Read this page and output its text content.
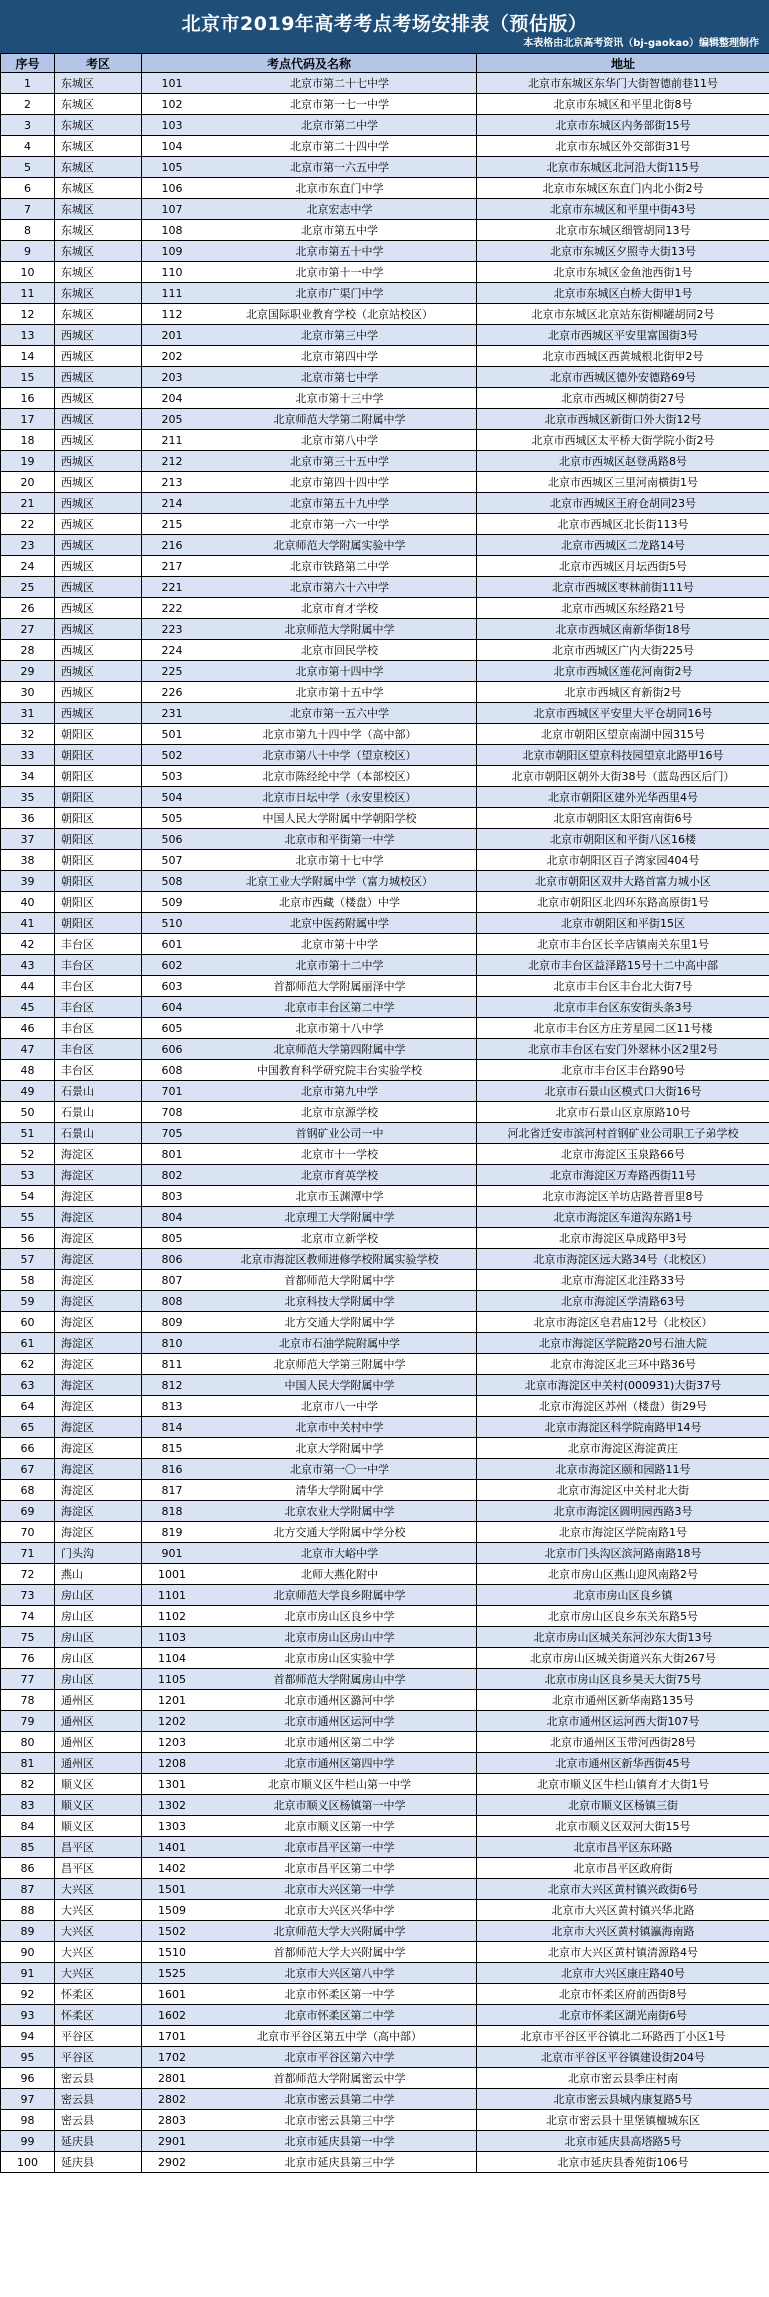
北京市2019年高考考点考场安排表（预估版）
本表格由北京高考资讯（bj-gaokao）编辑整理制作
序号	考区	考点代码及名称	地址
1	东城区	101 北京市第二十七中学	北京市东城区东华门大街智德前巷11号
2	东城区	102 北京市第一七一中学	北京市东城区和平里北街8号
3	东城区	103 北京市第二中学	北京市东城区内务部街15号
4	东城区	104 北京市第二十四中学	北京市东城区外交部街31号
5	东城区	105 北京市第一六五中学	北京市东城区北河沿大街115号
6	东城区	106 北京市东直门中学	北京市东城区东直门内北小街2号
7	东城区	107 北京宏志中学	北京市东城区和平里中街43号
8	东城区	108 北京市第五中学	北京市东城区细管胡同13号
9	东城区	109 北京市第五十中学	北京市东城区夕照寺大街13号
10	东城区	110 北京市第十一中学	北京市东城区金鱼池西街1号
11	东城区	111 北京市广渠门中学	北京市东城区白桥大街甲1号
12	东城区	112 北京国际职业教育学校（北京站校区）	北京市东城区北京站东街柳罐胡同2号
13	西城区	201 北京市第三中学	北京市西城区平安里富国街3号
14	西城区	202 北京市第四中学	北京市西城区西黄城根北街甲2号
15	西城区	203 北京市第七中学	北京市西城区德外安德路69号
16	西城区	204 北京市第十三中学	北京市西城区柳荫街27号
17	西城区	205 北京师范大学第二附属中学	北京市西城区新街口外大街12号
18	西城区	211 北京市第八中学	北京市西城区太平桥大街学院小街2号
19	西城区	212 北京市第三十五中学	北京市西城区赵登禹路8号
20	西城区	213 北京市第四十四中学	北京市西城区三里河南横街1号
21	西城区	214 北京市第五十九中学	北京市西城区王府仓胡同23号
22	西城区	215 北京市第一六一中学	北京市西城区北长街113号
23	西城区	216 北京师范大学附属实验中学	北京市西城区二龙路14号
24	西城区	217 北京市铁路第二中学	北京市西城区月坛西街5号
25	西城区	221 北京市第六十六中学	北京市西城区枣林前街111号
26	西城区	222 北京市育才学校	北京市西城区东经路21号
27	西城区	223 北京师范大学附属中学	北京市西城区南新华街18号
28	西城区	224 北京市回民学校	北京市西城区广内大街225号
29	西城区	225 北京市第十四中学	北京市西城区莲花河南街2号
30	西城区	226 北京市第十五中学	北京市西城区育新街2号
31	西城区	231 北京市第一五六中学	北京市西城区平安里大平仓胡同16号
32	朝阳区	501 北京市第九十四中学（高中部）	北京市朝阳区望京南湖中园315号
33	朝阳区	502 北京市第八十中学（望京校区）	北京市朝阳区望京科技园望京北路甲16号
34	朝阳区	503 北京市陈经纶中学（本部校区）	北京市朝阳区朝外大街38号（蓝岛西区后门）
35	朝阳区	504 北京市日坛中学（永安里校区）	北京市朝阳区建外光华西里4号
36	朝阳区	505 中国人民大学附属中学朝阳学校	北京市朝阳区太阳宫南街6号
37	朝阳区	506 北京市和平街第一中学	北京市朝阳区和平街八区16楼
38	朝阳区	507 北京市第十七中学	北京市朝阳区百子湾家园404号
39	朝阳区	508 北京工业大学附属中学（富力城校区）	北京市朝阳区双井大路首富力城小区
40	朝阳区	509 北京市西藏（楼盘）中学	北京市朝阳区北四环东路高原街1号
41	朝阳区	510 北京中医药附属中学	北京市朝阳区和平街15区
42	丰台区	601 北京市第十中学	北京市丰台区长辛店镇南关东里1号
43	丰台区	602 北京市第十二中学	北京市丰台区益泽路15号十二中高中部
44	丰台区	603 首都师范大学附属丽泽中学	北京市丰台区丰台北大街7号
45	丰台区	604 北京市丰台区第二中学	北京市丰台区东安街头条3号
46	丰台区	605 北京市第十八中学	北京市丰台区方庄芳星园二区11号楼
47	丰台区	606 北京师范大学第四附属中学	北京市丰台区右安门外翠林小区2里2号
48	丰台区	608 中国教育科学研究院丰台实验学校	北京市丰台区丰台路90号
49	石景山	701 北京市第九中学	北京市石景山区模式口大街16号
50	石景山	708 北京市京源学校	北京市石景山区京原路10号
51	石景山	705 首钢矿业公司一中	河北省迁安市滨河村首钢矿业公司职工子弟学校
52	海淀区	801 北京市十一学校	北京市海淀区玉泉路66号
53	海淀区	802 北京市育英学校	北京市海淀区万寿路西街11号
54	海淀区	803 北京市玉渊潭中学	北京市海淀区羊坊店路普晋里8号
55	海淀区	804 北京理工大学附属中学	北京市海淀区车道沟东路1号
56	海淀区	805 北京市立新学校	北京市海淀区阜成路甲3号
57	海淀区	806 北京市海淀区教师进修学校附属实验学校	北京市海淀区远大路34号（北校区）
58	海淀区	807 首都师范大学附属中学	北京市海淀区北洼路33号
59	海淀区	808 北京科技大学附属中学	北京市海淀区学清路63号
60	海淀区	809 北方交通大学附属中学	北京市海淀区皂君庙12号（北校区）
61	海淀区	810 北京市石油学院附属中学	北京市海淀区学院路20号石油大院
62	海淀区	811 北京师范大学第三附属中学	北京市海淀区北三环中路36号
63	海淀区	812 中国人民大学附属中学	北京市海淀区中关村(000931)大街37号
64	海淀区	813 北京市八一中学	北京市海淀区苏州（楼盘）街29号
65	海淀区	814 北京市中关村中学	北京市海淀区科学院南路甲14号
66	海淀区	815 北京大学附属中学	北京市海淀区海淀黄庄
67	海淀区	816 北京市第一〇一中学	北京市海淀区颐和园路11号
68	海淀区	817 清华大学附属中学	北京市海淀区中关村北大街
69	海淀区	818 北京农业大学附属中学	北京市海淀区圆明园西路3号
70	海淀区	819 北方交通大学附属中学分校	北京市海淀区学院南路1号
71	门头沟	901 北京市大峪中学	北京市门头沟区滨河路南路18号
72	燕山	1001 北师大燕化附中	北京市房山区燕山迎风南路2号
73	房山区	1101 北京师范大学良乡附属中学	北京市房山区良乡镇
74	房山区	1102 北京市房山区良乡中学	北京市房山区良乡东关东路5号
75	房山区	1103 北京市房山区房山中学	北京市房山区城关东河沙东大街13号
76	房山区	1104 北京市房山区实验中学	北京市房山区城关街道兴东大街267号
77	房山区	1105 首都师范大学附属房山中学	北京市房山区良乡昊天大街75号
78	通州区	1201 北京市通州区潞河中学	北京市通州区新华南路135号
79	通州区	1202 北京市通州区运河中学	北京市通州区运河西大街107号
80	通州区	1203 北京市通州区第二中学	北京市通州区玉带河西街28号
81	通州区	1208 北京市通州区第四中学	北京市通州区新华西街45号
82	顺义区	1301 北京市顺义区牛栏山第一中学	北京市顺义区牛栏山镇育才大街1号
83	顺义区	1302 北京市顺义区杨镇第一中学	北京市顺义区杨镇三街
84	顺义区	1303 北京市顺义区第一中学	北京市顺义区双河大街15号
85	昌平区	1401 北京市昌平区第一中学	北京市昌平区东环路
86	昌平区	1402 北京市昌平区第二中学	北京市昌平区政府街
87	大兴区	1501 北京市大兴区第一中学	北京市大兴区黄村镇兴政街6号
88	大兴区	1509 北京市大兴区兴华中学	北京市大兴区黄村镇兴华北路
89	大兴区	1502 北京师范大学大兴附属中学	北京市大兴区黄村镇瀛海南路
90	大兴区	1510 首都师范大学大兴附属中学	北京市大兴区黄村镇清源路4号
91	大兴区	1525 北京市大兴区第八中学	北京市大兴区康庄路40号
92	怀柔区	1601 北京市怀柔区第一中学	北京市怀柔区府前西街8号
93	怀柔区	1602 北京市怀柔区第二中学	北京市怀柔区湖光南街6号
94	平谷区	1701 北京市平谷区第五中学（高中部）	北京市平谷区平谷镇北二环路西丁小区1号
95	平谷区	1702 北京市平谷区第六中学	北京市平谷区平谷镇建设街204号
96	密云县	2801 首都师范大学附属密云中学	北京市密云县季庄村南
97	密云县	2802 北京市密云县第二中学	北京市密云县城内康复路5号
98	密云县	2803 北京市密云县第三中学	北京市密云县十里堡镇檀城东区
99	延庆县	2901 北京市延庆县第一中学	北京市延庆县高塔路5号
100	延庆县	2902 北京市延庆县第三中学	北京市延庆县香苑街106号
